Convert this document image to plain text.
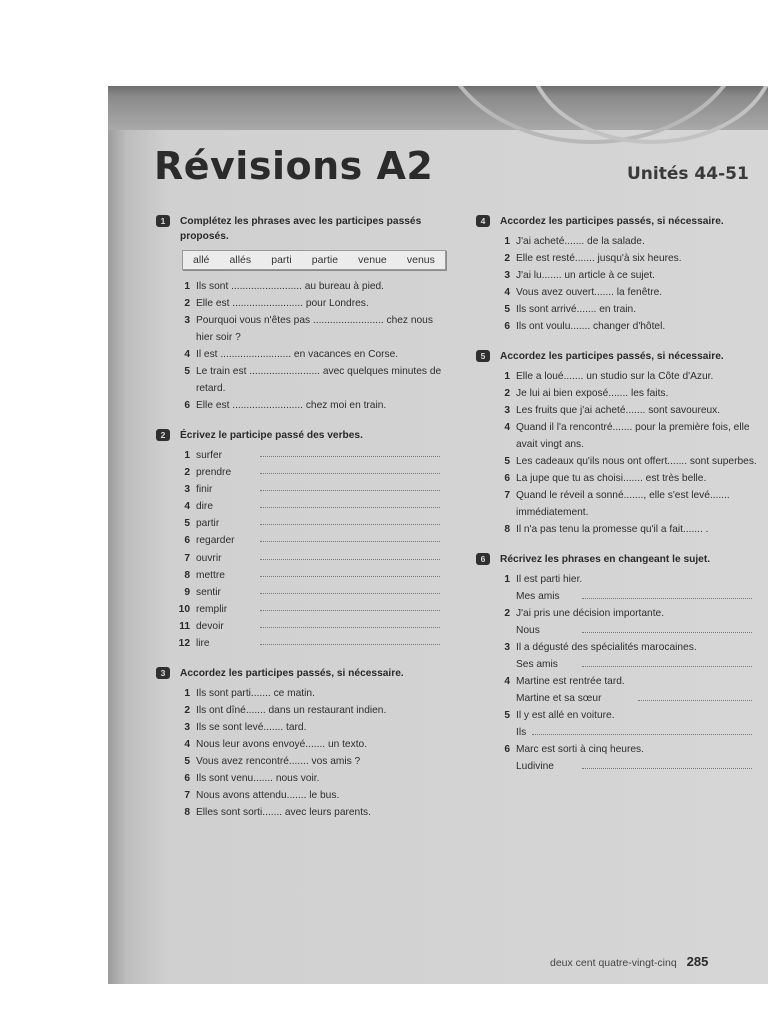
Révisions A2	Unités 44-51
1	Complétez les phrases avec les participes passés proposés.
allé allés parti partie venue venus
1 Ils sont ......................... au bureau à pied.
2 Elle est ......................... pour Londres.
3 Pourquoi vous n'êtes pas ......................... chez nous hier soir ?
4 Il est ......................... en vacances en Corse.
5 Le train est ......................... avec quelques minutes de retard.
6 Elle est ......................... chez moi en train.
2	Écrivez le participe passé des verbes.
1 surfer
2 prendre
3 finir
4 dire
5 partir
6 regarder
7 ouvrir
8 mettre
9 sentir
10 remplir
11 devoir
12 lire
3	Accordez les participes passés, si nécessaire.
1 Ils sont parti....... ce matin.
2 Ils ont dîné....... dans un restaurant indien.
3 Ils se sont levé....... tard.
4 Nous leur avons envoyé....... un texto.
5 Vous avez rencontré....... vos amis ?
6 Ils sont venu....... nous voir.
7 Nous avons attendu....... le bus.
8 Elles sont sorti....... avec leurs parents.
4	Accordez les participes passés, si nécessaire.
1 J'ai acheté....... de la salade.
2 Elle est resté....... jusqu'à six heures.
3 J'ai lu....... un article à ce sujet.
4 Vous avez ouvert....... la fenêtre.
5 Ils sont arrivé....... en train.
6 Ils ont voulu....... changer d'hôtel.
5	Accordez les participes passés, si nécessaire.
1 Elle a loué....... un studio sur la Côte d'Azur.
2 Je lui ai bien exposé....... les faits.
3 Les fruits que j'ai acheté....... sont savoureux.
4 Quand il l'a rencontré....... pour la première fois, elle avait vingt ans.
5 Les cadeaux qu'ils nous ont offert....... sont superbes.
6 La jupe que tu as choisi....... est très belle.
7 Quand le réveil a sonné......., elle s'est levé....... immédiatement.
8 Il n'a pas tenu la promesse qu'il a fait....... .
6	Récrivez les phrases en changeant le sujet.
1 Il est parti hier.
Mes amis
2 J'ai pris une décision importante.
Nous
3 Il a dégusté des spécialités marocaines.
Ses amis
4 Martine est rentrée tard.
Martine et sa sœur
5 Il y est allé en voiture.
Ils
6 Marc est sorti à cinq heures.
Ludivine
deux cent quatre-vingt-cinq 285
